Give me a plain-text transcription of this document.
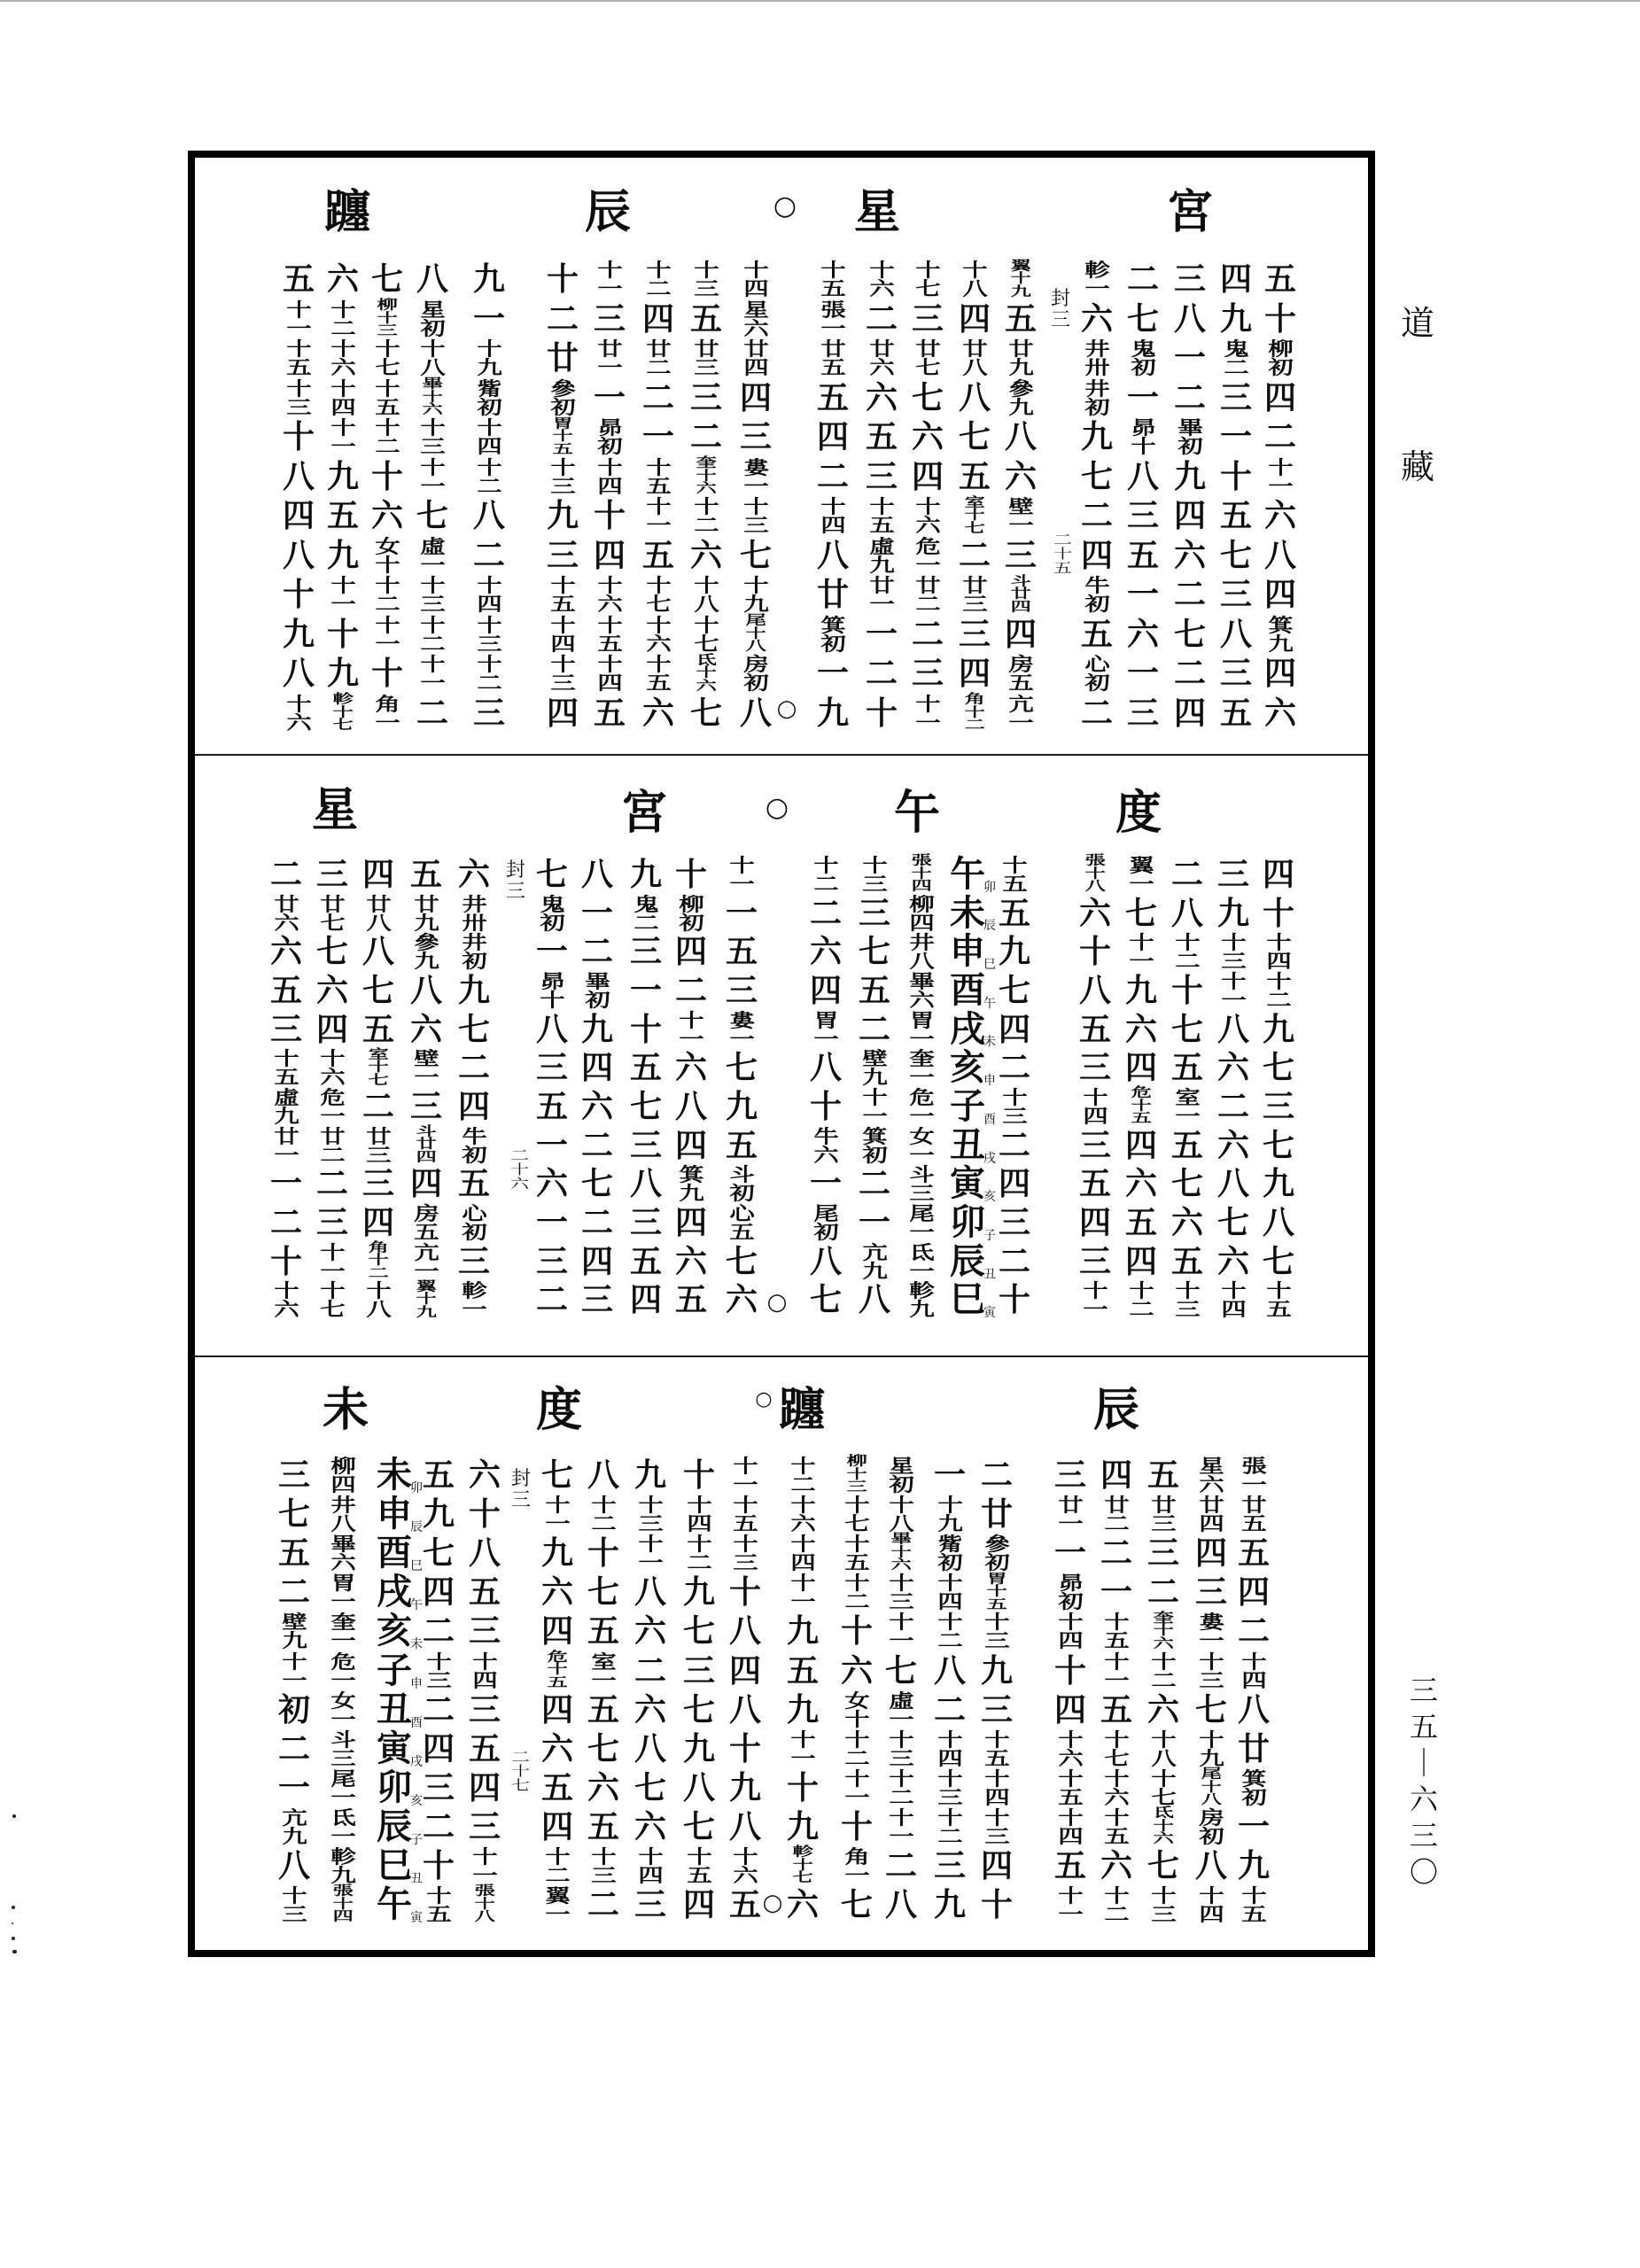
宮
星
○
辰
躔
封
三
二
十
五
○
五
十
柳
初
四
二
十
一
六
八
四
箕
九
四
六
四
九
鬼
二
三
一
十
五
七
三
八
三
五
三
八
一
二
畢
初
九
四
六
二
七
二
四
二
七
鬼
初
一
昴
十
八
三
五
一
六
一
三
軫
一
六
井
卅
井
初
九
七
二
四
牛
初
五
心
初
二
翼
十
九
五
廿
九
參
九
八
六
壁
一
三
斗
廿
四
四
房
五
亢
一
十
八
四
廿
八
八
七
五
室
十
七
二
廿
三
三
四
角
十
二
十
七
三
廿
七
七
六
四
十
六
危
一
廿
二
二
三
十
一
十
六
二
廿
六
六
五
三
十
五
虛
九
廿
一
一
二
十
十
五
張
一
廿
五
五
四
二
十
四
八
廿
箕
初
一
九
十
四
星
六
廿
四
四
三
婁
一
十
三
七
十
九
尾
十
八
房
初
八
十
三
五
廿
三
三
二
奎
十
六
十
二
六
十
八
十
七
氐
十
六
七
十
二
四
廿
二
二
一
十
五
十
一
五
十
七
十
六
十
五
六
十
一
三
廿
一
一
昴
初
十
四
十
四
十
六
十
五
十
四
五
十
二
廿
參
初
胃
十
五
十
三
九
三
十
五
十
四
十
三
四
九
一
十
九
觜
初
十
四
十
二
八
二
十
四
十
三
十
二
三
八
星
初
十
八
畢
十
六
十
三
十
一
七
虛
一
十
三
十
二
十
一
二
七
柳
十
三
十
七
十
五
十
二
十
六
女
十
十
二
十
一
十
角
一
六
十
二
十
六
十
四
十
一
九
五
九
十
一
十
九
軫
十
七
五
十
一
十
五
十
三
十
八
四
八
十
九
八
十
六
度
午
○
宮
星
封
三
二
十
六
○
四
十
十
四
十
二
九
七
三
七
九
八
七
十
五
三
九
十
三
十
一
八
六
二
六
八
七
六
十
四
二
八
十
二
十
七
五
室
一
五
七
六
五
十
三
翼
一
七
十
一
九
六
四
危
十
五
四
六
五
四
十
二
張
十
八
六
十
八
五
三
十
四
三
五
四
三
十
一
十
五
五
九
七
四
二
十
三
二
四
三
二
十
午
卯
未
辰
申
巳
酉
午
戌
未
亥
申
子
酉
丑
戌
寅
亥
卯
子
辰
丑
巳
寅
張
十
四
柳
四
井
八
畢
六
胃
一
奎
一
危
一
女
一
斗
三
尾
一
氐
一
軫
九
十
三
三
七
五
二
壁
九
十
一
箕
初
二
一
亢
九
八
十
二
二
六
四
胃
一
八
十
牛
六
一
尾
初
八
七
十
一
一
五
三
婁
一
七
九
五
斗
初
心
五
七
六
十
柳
初
四
二
十
一
六
八
四
箕
九
四
六
五
九
鬼
二
三
一
十
五
七
三
八
三
五
四
八
一
二
畢
初
九
四
六
二
七
二
四
三
七
鬼
初
一
昴
十
八
三
五
一
六
一
三
二
六
井
卅
井
初
九
七
二
四
牛
初
五
心
初
三
軫
一
五
廿
九
參
九
八
六
壁
一
三
斗
廿
四
四
房
五
亢
一
翼
十
九
四
廿
八
八
七
五
室
十
七
二
廿
三
三
四
角
十
二
十
八
三
廿
七
七
六
四
十
六
危
一
廿
二
二
三
十
一
十
七
二
廿
六
六
五
三
十
五
虛
九
廿
一
一
二
十
十
六
辰
○ 躔
度
未
封
三
二
十
七
○
張
一
廿
五
五
四
二
十
四
八
廿
箕
初
一
九
十
五
星
六
廿
四
四
三
婁
一
十
三
七
十
九
尾
十
八
房
初
八
十
四
五
廿
三
三
二
奎
十
六
十
二
六
十
八
十
七
氐
十
六
七
十
三
四
廿
二
二
一
十
五
十
一
五
十
七
十
六
十
五
六
十
二
三
廿
一
一
昴
初
十
四
十
四
十
六
十
五
十
四
五
十
一
二
廿
參
初
胃
十
五
十
三
九
三
十
五
十
四
十
三
四
十
一
十
九
觜
初
十
四
十
二
八
二
十
四
十
三
十
二
三
九
星
初
十
八
畢
十
六
十
三
十
一
七
虛
一
十
三
十
二
十
一
二
八
柳
十
三
十
七
十
五
十
二
十
六
女
十
十
二
十
一
十
角
一
七
十
二
十
六
十
四
十
一
九
五
九
十
一
十
九
軫
十
七
六
十
一
十
五
十
三
十
八
四
八
十
九
八
十
六
五
十
十
四
十
二
九
七
三
七
九
八
七
十
五
四
九
十
三
十
一
八
六
二
六
八
七
六
十
四
三
八
十
二
十
七
五
室
一
五
七
六
五
十
三
二
七
十
一
九
六
四
危
十
五
四
六
五
四
十
二
翼
一
六
十
八
五
三
十
四
三
五
四
三
十
一
張
十
八
五
九
七
四
二
十
三
二
四
三
二
十
十
五
未
卯
申
辰
酉
巳
戌
午
亥
未
子
申
丑
酉
寅
戌
卯
亥
辰
子
巳
丑
午
寅
柳
四
井
八
畢
六
胃
一
奎
一
危
一
女
一
斗
三
尾
一
氐
一
軫
九
張
十
四
三
七
五
二
壁
九
十
一
初
二
一
亢
九
八
十
三
道
藏
三
五
｜
六
三
〇
